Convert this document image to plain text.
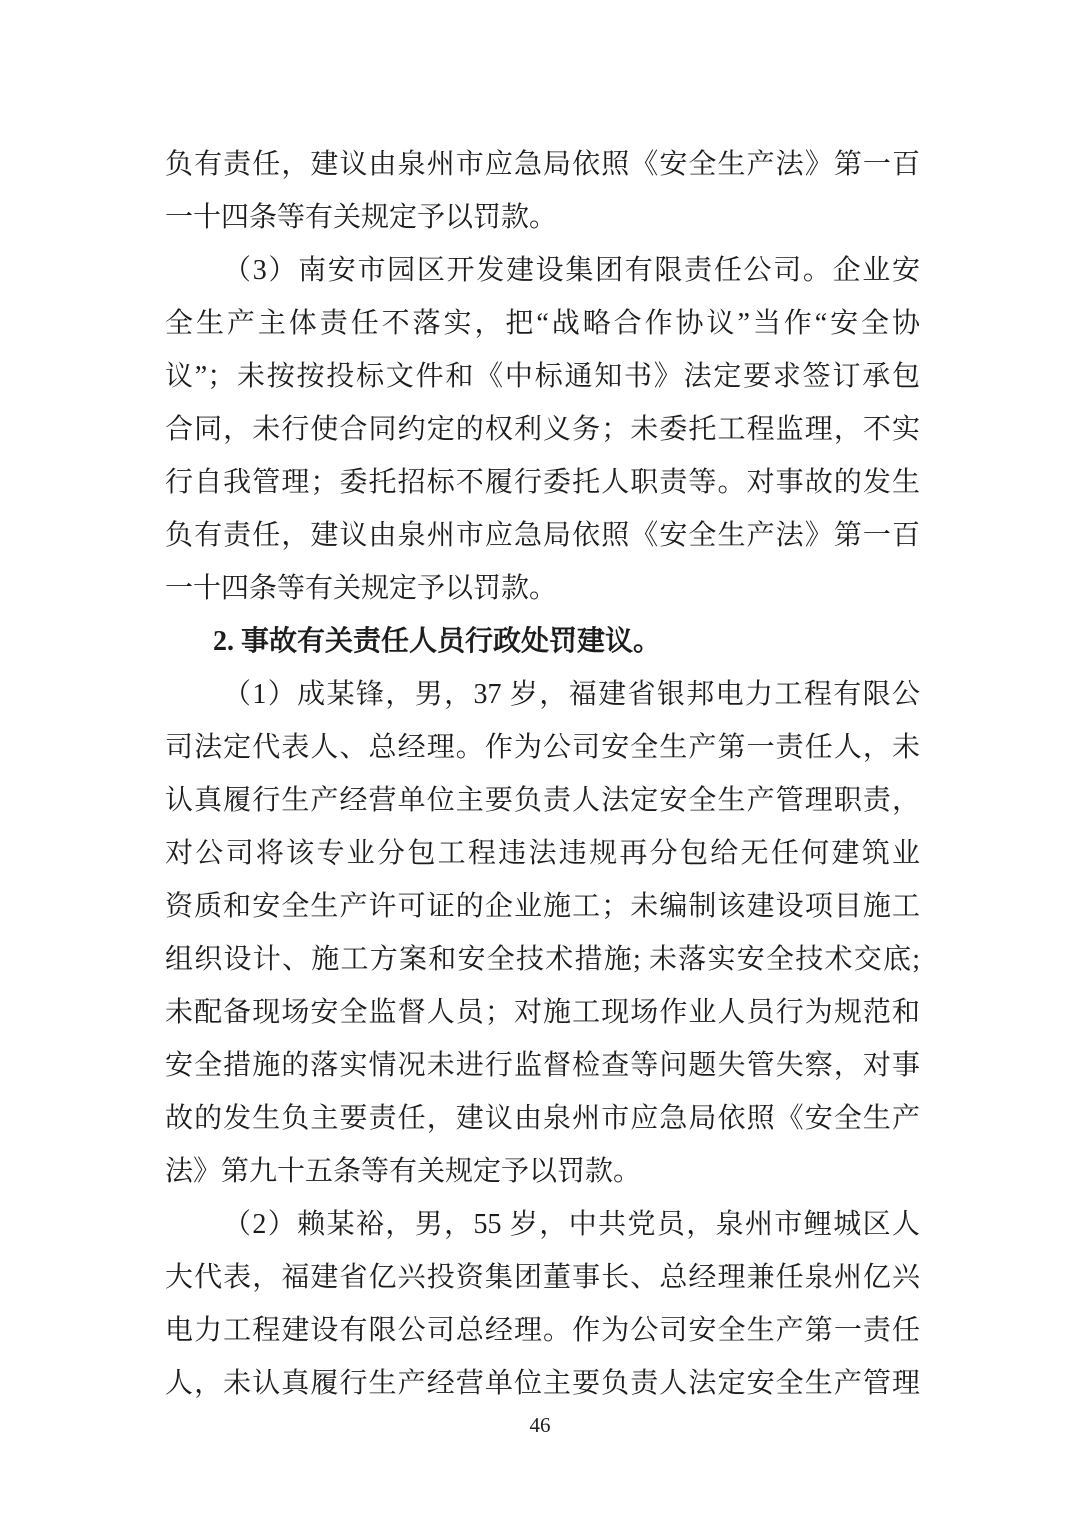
负有责任，建议由泉州市应急局依照《安全生产法》第一百
一十四条等有关规定予以罚款。
（3）南安市园区开发建设集团有限责任公司。企业安
全生产主体责任不落实，把“战略合作协议”当作“安全协
议”；未按按投标文件和《中标通知书》法定要求签订承包
合同，未行使合同约定的权利义务；未委托工程监理，不实
行自我管理；委托招标不履行委托人职责等。对事故的发生
负有责任，建议由泉州市应急局依照《安全生产法》第一百
一十四条等有关规定予以罚款。
2. 事故有关责任人员行政处罚建议。
（1）成某锋，男，37 岁，福建省银邦电力工程有限公
司法定代表人、总经理。作为公司安全生产第一责任人，未
认真履行生产经营单位主要负责人法定安全生产管理职责，
对公司将该专业分包工程违法违规再分包给无任何建筑业
资质和安全生产许可证的企业施工；未编制该建设项目施工
组织设计、施工方案和安全技术措施; 未落实安全技术交底;
未配备现场安全监督人员；对施工现场作业人员行为规范和
安全措施的落实情况未进行监督检查等问题失管失察，对事
故的发生负主要责任，建议由泉州市应急局依照《安全生产
法》第九十五条等有关规定予以罚款。
（2）赖某裕，男，55 岁，中共党员，泉州市鲤城区人
大代表，福建省亿兴投资集团董事长、总经理兼任泉州亿兴
电力工程建设有限公司总经理。作为公司安全生产第一责任
人，未认真履行生产经营单位主要负责人法定安全生产管理
46
